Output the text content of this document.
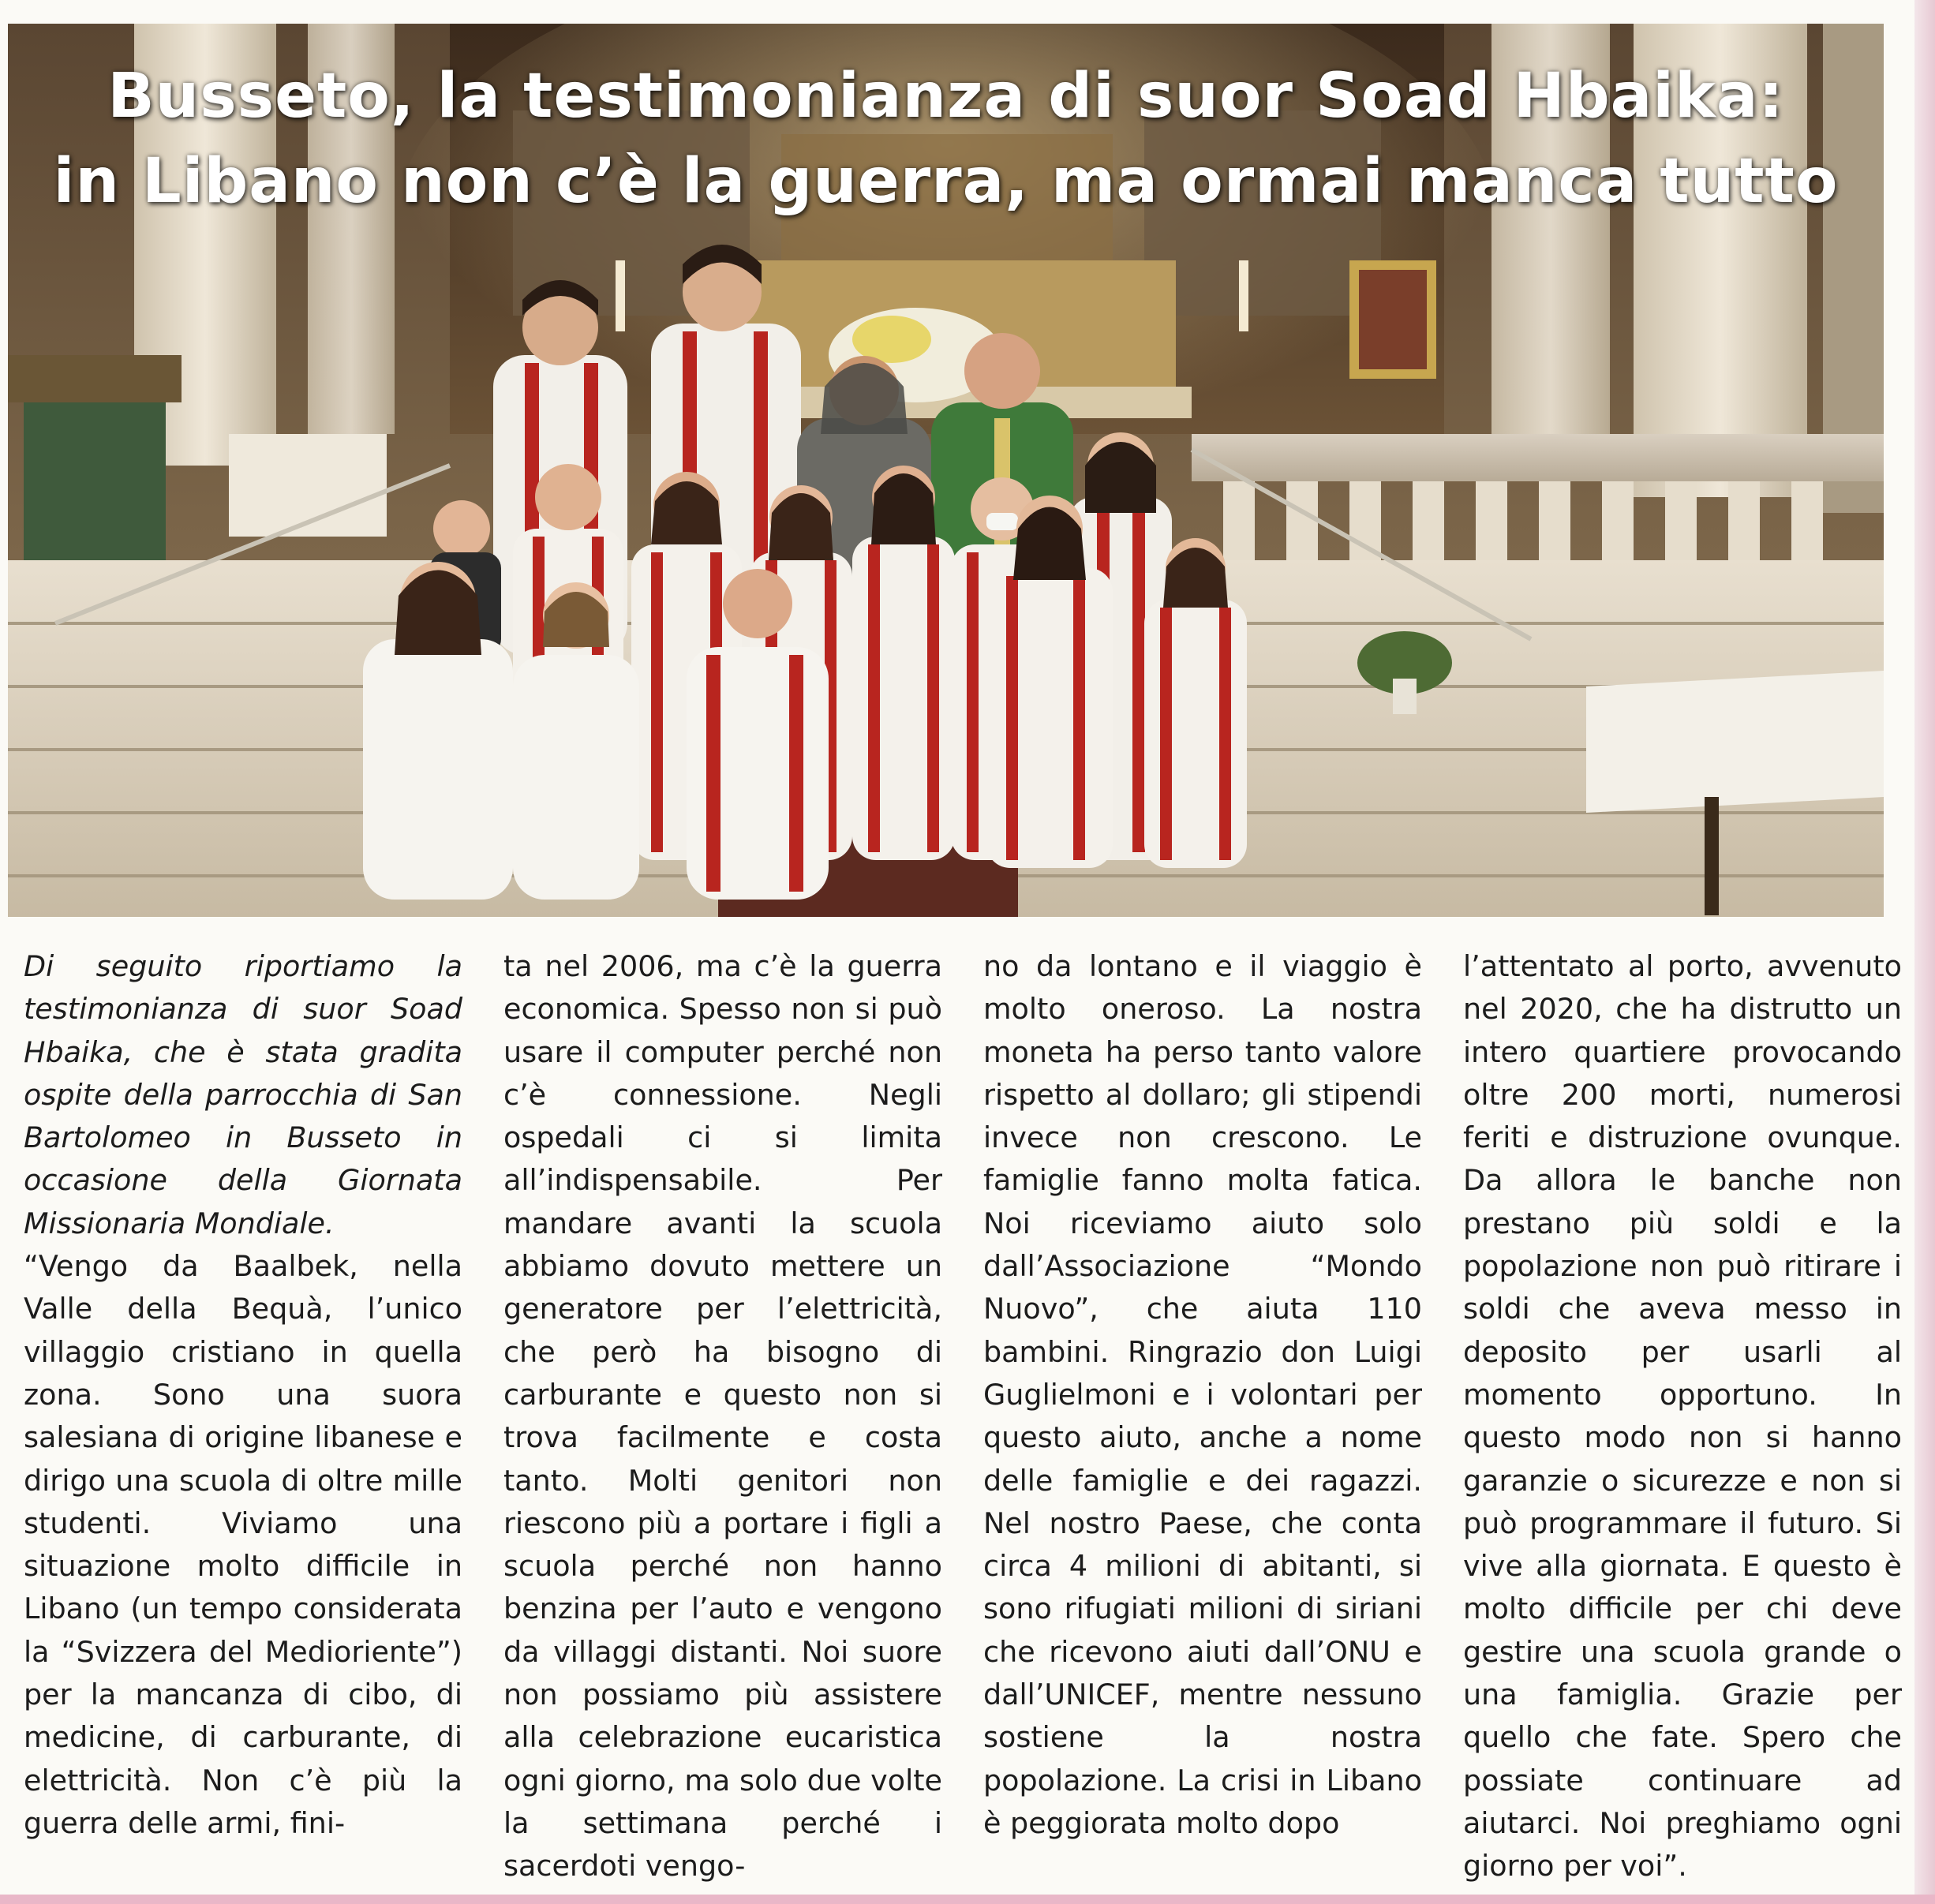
Busseto, la testimonianza di suor Soad Hbaika:
in Libano non c’è la guerra, ma ormai manca tutto

Di seguito riportiamo la testimonianza di suor Soad Hbaika, che è stata gradita ospite della parrocchia di San Bartolomeo in Busseto in occasione della Giornata Missionaria Mondiale.

“Vengo da Baalbek, nella Valle della Bequà, l’unico villaggio cristiano in quella zona. Sono una suora salesiana di origine libanese e dirigo una scuola di oltre mille studenti. Viviamo una situazione molto difficile in Libano (un tempo considerata la “Svizzera del Medioriente”) per la mancanza di cibo, di medicine, di carburante, di elettricità. Non c’è più la guerra delle armi, fini-

ta nel 2006, ma c’è la guerra economica. Spesso non si può usare il computer perché non c’è connessione. Negli ospedali ci si limita all’indispensabile. Per mandare avanti la scuola abbiamo dovuto mettere un generatore per l’elettricità, che però ha bisogno di carburante e questo non si trova facilmente e costa tanto. Molti genitori non riescono più a portare i figli a scuola perché non hanno benzina per l’auto e vengono da villaggi distanti. Noi suore non possiamo più assistere alla celebrazione eucaristica ogni giorno, ma solo due volte la settimana perché i sacerdoti vengo-

no da lontano e il viaggio è molto oneroso. La nostra moneta ha perso tanto valore rispetto al dollaro; gli stipendi invece non crescono. Le famiglie fanno molta fatica. Noi riceviamo aiuto solo dall’Associazione “Mondo Nuovo”, che aiuta 110 bambini. Ringrazio don Luigi Guglielmoni e i volontari per questo aiuto, anche a nome delle famiglie e dei ragazzi. Nel nostro Paese, che conta circa 4 milioni di abitanti, si sono rifugiati milioni di siriani che ricevono aiuti dall’ONU e dall’UNICEF, mentre nessuno sostiene la nostra popolazione. La crisi in Libano è peggiorata molto dopo

l’attentato al porto, avvenuto nel 2020, che ha distrutto un intero quartiere provocando oltre 200 morti, numerosi feriti e distruzione ovunque. Da allora le banche non prestano più soldi e la popolazione non può ritirare i soldi che aveva messo in deposito per usarli al momento opportuno. In questo modo non si hanno garanzie o sicurezze e non si può programmare il futuro. Si vive alla giornata. E questo è molto difficile per chi deve gestire una scuola grande o una famiglia. Grazie per quello che fate. Spero che possiate continuare ad aiutarci. Noi preghiamo ogni giorno per voi”.
